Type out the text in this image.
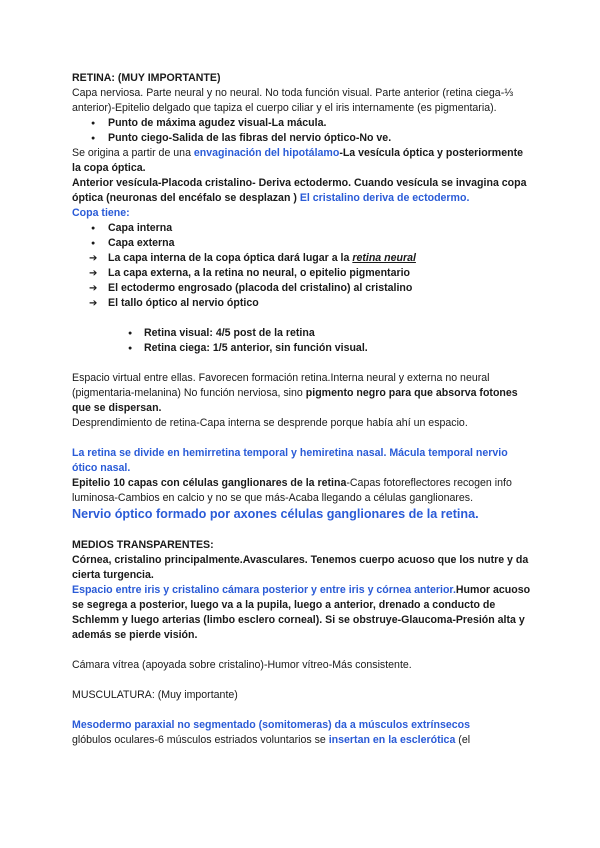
RETINA: (MUY IMPORTANTE)

Capa nerviosa. Parte neural y no neural. No toda función visual. Parte anterior (retina ciega-⅓ anterior)-Epitelio delgado que tapiza el cuerpo ciliar y el iris internamente (es pigmentaria).

● Punto de máxima agudez visual-La mácula.
● Punto ciego-Salida de las fibras del nervio óptico-No ve.

Se origina a partir de una envaginación del hipotálamo-La vesícula óptica y posteriormente la copa óptica.

Anterior vesícula-Placoda cristalino- Deriva ectodermo. Cuando vesícula se invagina copa óptica (neuronas del encéfalo se desplazan ) El cristalino deriva de ectodermo.

Copa tiene:

● Capa interna
● Capa externa
➔ La capa interna de la copa óptica dará lugar a la retina neural
➔ La capa externa, a la retina no neural, o epitelio pigmentario
➔ El ectodermo engrosado (placoda del cristalino) al cristalino
➔ El tallo óptico al nervio óptico
● Retina visual: 4/5 post de la retina
● Retina ciega: 1/5 anterior, sin función visual.

Espacio virtual entre ellas. Favorecen formación retina.Interna neural y externa no neural (pigmentaria-melanina) No función nerviosa, sino pigmento negro para que absorva fotones que se dispersan.

Desprendimiento de retina-Capa interna se desprende porque había ahí un espacio.

La retina se divide en hemirretina temporal y hemiretina nasal. Mácula temporal nervio ótico nasal.

Epitelio 10 capas con células ganglionares de la retina-Capas fotoreflectores recogen info luminosa-Cambios en calcio y no se que más-Acaba llegando a células ganglionares.

Nervio óptico formado por axones células ganglionares de la retina.

MEDIOS TRANSPARENTES:

Córnea, cristalino principalmente.Avasculares. Tenemos cuerpo acuoso que los nutre y da cierta turgencia.

Espacio entre iris y cristalino cámara posterior y entre iris y córnea anterior.Humor acuoso se segrega a posterior, luego va a la pupila, luego a anterior, drenado a conducto de Schlemm y luego arterias (limbo esclero corneal). Si se obstruye-Glaucoma-Presión alta y además se pierde visión.

Cámara vítrea (apoyada sobre cristalino)-Humor vítreo-Más consistente.

MUSCULATURA: (Muy importante)

Mesodermo paraxial no segmentado (somitomeras) da a músculos extrínsecos

glóbulos oculares-6 músculos estriados voluntarios se insertan en la esclerótica (el
